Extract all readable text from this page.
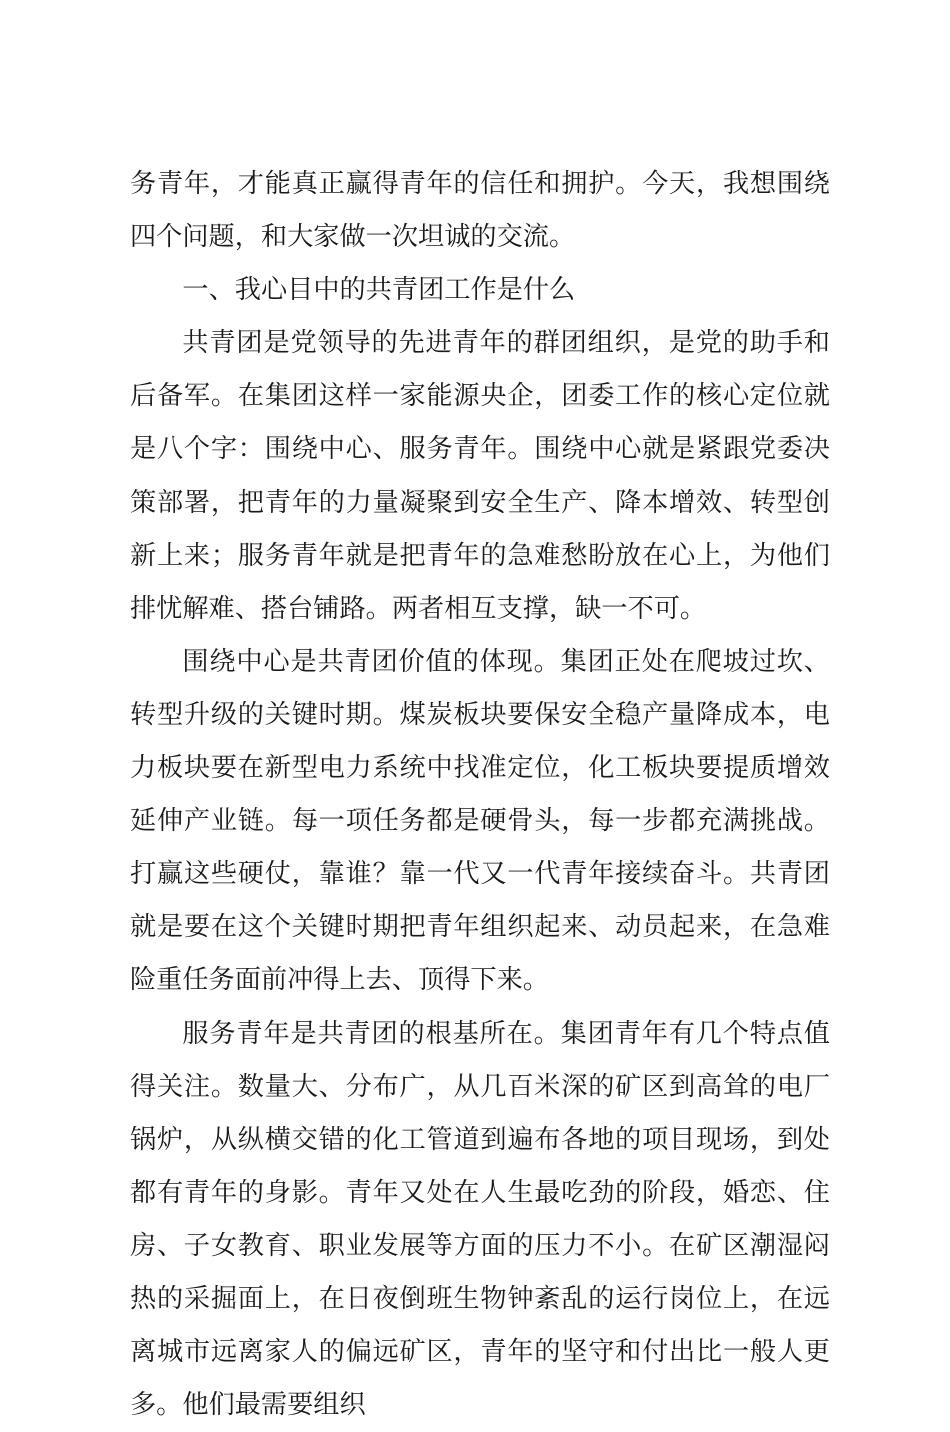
务青年，才能真正赢得青年的信任和拥护。今天，我想围绕四个问题，和大家做一次坦诚的交流。

一、我心目中的共青团工作是什么

共青团是党领导的先进青年的群团组织，是党的助手和后备军。在集团这样一家能源央企，团委工作的核心定位就是八个字：围绕中心、服务青年。围绕中心就是紧跟党委决策部署，把青年的力量凝聚到安全生产、降本增效、转型创新上来；服务青年就是把青年的急难愁盼放在心上，为他们排忧解难、搭台铺路。两者相互支撑，缺一不可。

围绕中心是共青团价值的体现。集团正处在爬坡过坎、转型升级的关键时期。煤炭板块要保安全稳产量降成本，电力板块要在新型电力系统中找准定位，化工板块要提质增效延伸产业链。每一项任务都是硬骨头，每一步都充满挑战。打赢这些硬仗，靠谁？靠一代又一代青年接续奋斗。共青团就是要在这个关键时期把青年组织起来、动员起来，在急难险重任务面前冲得上去、顶得下来。

服务青年是共青团的根基所在。集团青年有几个特点值得关注。数量大、分布广，从几百米深的矿区到高耸的电厂锅炉，从纵横交错的化工管道到遍布各地的项目现场，到处都有青年的身影。青年又处在人生最吃劲的阶段，婚恋、住房、子女教育、职业发展等方面的压力不小。在矿区潮湿闷热的采掘面上，在日夜倒班生物钟紊乱的运行岗位上，在远离城市远离家人的偏远矿区，青年的坚守和付出比一般人更多。他们最需要组织
